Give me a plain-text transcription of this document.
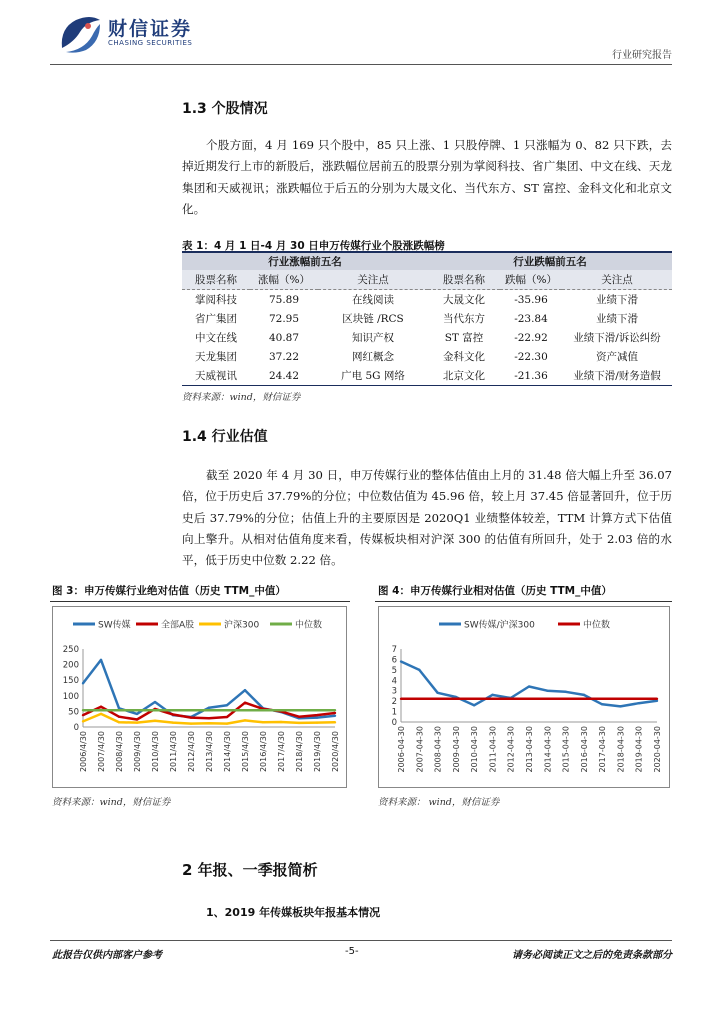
财信证券
CHASING SECURITIES
行业研究报告
1.3 个股情况
个股方面，4 月 169 只个股中，85 只上涨、1 只股停牌、1 只涨幅为 0、82 只下跌，去掉近期发行上市的新股后，涨跌幅位居前五的股票分别为掌阅科技、省广集团、中文在线、天龙集团和天威视讯；涨跌幅位于后五的分别为大晟文化、当代东方、ST 富控、金科文化和北京文化。
表 1：4 月 1 日-4 月 30 日申万传媒行业个股涨跌幅榜
行业涨幅前五名			行业跌幅前五名		
股票名称	涨幅（%）	关注点	股票名称	跌幅（%）	关注点
掌阅科技	75.89	在线阅读	大晟文化	-35.96	业绩下滑
省广集团	72.95	区块链 /RCS	当代东方	-23.84	业绩下滑
中文在线	40.87	知识产权	ST 富控	-22.92	业绩下滑/诉讼纠纷
天龙集团	37.22	网红概念	金科文化	-22.30	资产减值
天威视讯	24.42	广电 5G 网络	北京文化	-21.36	业绩下滑/财务造假
资料来源：wind，财信证券
1.4 行业估值
截至 2020 年 4 月 30 日，申万传媒行业的整体估值由上月的 31.48 倍大幅上升至 36.07 倍，位于历史后 37.79%的分位；中位数估值为 45.96 倍，较上月 37.45 倍显著回升，位于历史后 37.79%的分位；估值上升的主要原因是 2020Q1 业绩整体较差，TTM 计算方式下估值向上擎升。从相对估值角度来看，传媒板块相对沪深 300 的估值有所回升，处于 2.03 倍的水平，低于历史中位数 2.22 倍。
图 3：申万传媒行业绝对估值（历史 TTM_中值）
SW传媒	全部A股	沪深300	中位数
0
50
100
150
200
250
2006/4/30 2007/4/30 2008/4/30 2009/4/30 2010/4/30 2011/4/30 2012/4/30 2013/4/30 2014/4/30 2015/4/30 2016/4/30 2017/4/30 2018/4/30 2019/4/30 2020/4/30
资料来源：wind，财信证券
图 4：申万传媒行业相对估值（历史 TTM_中值）
SW传媒/沪深300	中位数
0
1
2
3
4
5
6
7
2006-04-30 2007-04-30 2008-04-30 2009-04-30 2010-04-30 2011-04-30 2012-04-30 2013-04-30 2014-04-30 2015-04-30 2016-04-30 2017-04-30 2018-04-30 2019-04-30 2020-04-30
资料来源： wind，财信证券
2 年报、一季报简析
1、2019 年传媒板块年报基本情况
此报告仅供内部客户参考	-5-	请务必阅读正文之后的免责条款部分
